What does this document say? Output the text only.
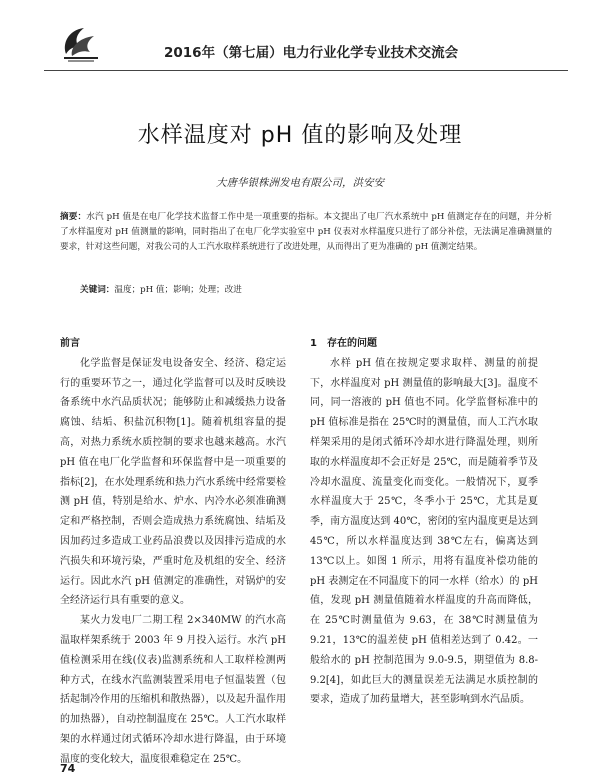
2016年（第七届）电力行业化学专业技术交流会
水样温度对 pH 值的影响及处理
大唐华银株洲发电有限公司，洪安安
摘要：水汽 pH 值是在电厂化学技术监督工作中是一项重要的指标。本文提出了电厂汽水系统中 pH 值测定存在的问题，并分析了水样温度对 pH 值测量的影响，同时指出了在电厂化学实验室中 pH 仪表对水样温度只进行了部分补偿，无法满足准确测量的要求，针对这些问题，对我公司的人工汽水取样系统进行了改进处理，从而得出了更为准确的 pH 值测定结果。
关键词：温度；pH 值；影响；处理；改进
前言

化学监督是保证发电设备安全、经济、稳定运行的重要环节之一，通过化学监督可以及时反映设备系统中水汽品质状况；能够防止和减缓热力设备腐蚀、结垢、积盐沉积物[1]。随着机组容量的提高，对热力系统水质控制的要求也越来越高。水汽 pH 值在电厂化学监督和环保监督中是一项重要的指标[2]，在水处理系统和热力汽水系统中经常要检测 pH 值，特别是给水、炉水、内冷水必须准确测定和严格控制，否则会造成热力系统腐蚀、结垢及因加药过多造成工业药品浪费以及因排污造成的水汽损失和环境污染，严重时危及机组的安全、经济运行。因此水汽 pH 值测定的准确性，对锅炉的安全经济运行具有重要的意义。

某火力发电厂二期工程 2×340MW 的汽水高温取样架系统于 2003 年 9 月投入运行。水汽 pH 值检测采用在线(仪表)监测系统和人工取样检测两种方式，在线水汽监测装置采用电子恒温装置（包括起制冷作用的压缩机和散热器），以及起升温作用的加热器），自动控制温度在 25℃。人工汽水取样架的水样通过闭式循环冷却水进行降温，由于环境温度的变化较大，温度很难稳定在 25℃。

1　存在的问题

水样 pH 值在按规定要求取样、测量的前提下，水样温度对 pH 测量值的影响最大[3]。温度不同，同一溶液的 pH 值也不同。化学监督标准中的 pH 值标准是指在 25℃时的测量值，而人工汽水取样架采用的是闭式循环冷却水进行降温处理，则所取的水样温度却不会正好是 25℃，而是随着季节及冷却水温度、流量变化而变化。一般情况下，夏季水样温度大于 25℃，冬季小于 25℃，尤其是夏季，南方温度达到 40℃，密闭的室内温度更是达到 45℃，所以水样温度达到 38℃左右，偏离达到 13℃以上。如图 1 所示，用将有温度补偿功能的 pH 表测定在不同温度下的同一水样（给水）的 pH 值，发现 pH 测量值随着水样温度的升高而降低，在 25℃时测量值为 9.63，在 38℃时测量值为 9.21，13℃的温差使 pH 值相差达到了 0.42。一般给水的 pH 控制范围为 9.0-9.5，期望值为 8.8-9.2[4]，如此巨大的测量误差无法满足水质控制的要求，造成了加药量增大，甚至影响到水汽品质。

74
